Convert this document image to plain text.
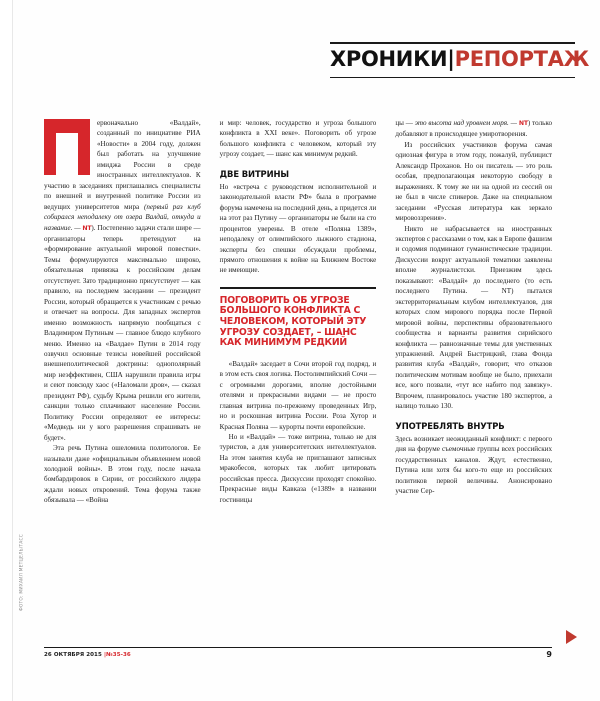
ХРОНИКИ|РЕПОРТАЖ

ервоначально «Валдай», созданный по инициативе РИА «Новости» в 2004 году, должен был работать на улучшение имиджа России в среде иностранных интеллектуалов. К участию в заседаниях приглашались специалисты по внешней и внутренней политике России из ведущих университетов мира (первый раз клуб собирался неподалеку от озера Валдай, откуда и название. — NT). Постепенно задачи стали шире — организаторы теперь претендуют на «формирование актуальной мировой повестки». Темы формулируются максимально широко, обязательная привязка к российским делам отсутствует. Зато традиционно присутствует — как правило, на последнем заседании — президент России, который обращается к участникам с речью и отвечает на вопросы. Для западных экспертов именно возможность напрямую пообщаться с Владимиром Путиным — главное блюдо клубного меню. Именно на «Валдае» Путин в 2014 году озвучил основные тезисы новейшей российской внешнеполитической доктрины: однополярный мир неэффективен, США нарушили правила игры и сеют повсюду хаос («Наломали дров», — сказал президент РФ), судьбу Крыма решили его жители, санкции только сплачивают население России. Политику России определяют ее интересы: «Медведь ни у кого разрешения спрашивать не будет».

Эта речь Путина ошеломила политологов. Ее называли даже «официальным объявлением новой холодной войны». В этом году, после начала бомбардировок в Сирии, от российского лидера ждали новых откровений. Тема форума также обязывала — «Война

и мир: человек, государство и угроза большого конфликта в XXI веке». Поговорить об угрозе большого конфликта с человеком, который эту угрозу создает, — шанс как минимум редкий.

ДВЕ ВИТРИНЫ

Но «встреча с руководством исполнительной и законодательной власти РФ» была в программе форума намечена на последний день, а придется ли на этот раз Путину — организаторы не были на сто процентов уверены. В отеле «Поляна 1389», неподалеку от олимпийского лыжного стадиона, эксперты без спешки обсуждали проблемы, прямого отношения к войне на Ближнем Востоке не имеющие.

ПОГОВОРИТЬ ОБ УГРОЗЕ БОЛЬШОГО КОНФЛИКТА С ЧЕЛОВЕКОМ, КОТОРЫЙ ЭТУ УГРОЗУ СОЗДАЕТ, – ШАНС КАК МИНИМУМ РЕДКИЙ

«Валдай» заседает в Сочи второй год подряд, и в этом есть своя логика. Постолимпийский Сочи — с огромными дорогами, вполне достойными отелями и прекрасными видами — не просто главная витрина по-прежнему проведенных Игр, но и роскошная витрина России. Роза Хутор и Красная Поляна — курорты почти европейские.

Но и «Валдай» — тоже витрина, только не для туристов, а для университетских интеллектуалов. На этом занятия клуба не приглашают записных мракобесов, которых так любит цитировать российская пресса. Дискуссии проходят спокойно. Прекрасные виды Кавказа («1389» в названии гостиницы

цы — это высота над уровнем моря. — NT) только добавляют в происходящее умиротворения.

Из российских участников форума самая одиозная фигура в этом году, пожалуй, публицист Александр Проханов. Но он писатель — это роль особая, предполагающая некоторую свободу в выражениях. К тому же ни на одной из сессий он не был в числе спикеров. Даже на специальном заседании «Русская литература как зеркало мировоззрения».

Никто не набрасывается на иностранных экспертов с рассказами о том, как в Европе фашизм и содомия подминают гуманистические традиции. Дискуссии вокруг актуальной тематики заявлены вполне журналистски. Приезжим здесь показывают: «Валдай» до последнего (то есть последнего Путина. — NT) пытался экстерриториальным клубом интеллектуалов, для которых слом мирового порядка после Первой мировой войны, перспективы образовательного сообщества и варианты развития сирийского конфликта — равнозначные темы для умственных упражнений. Андрей Быстрицкий, глава Фонда развития клуба «Валдай», говорит, что отказов политическим мотивам вообще не было, приехали все, кого позвали, «тут все набито под завязку». Впрочем, планировалось участие 180 экспертов, а налицо только 130.

УПОТРЕБЛЯТЬ ВНУТРЬ

Здесь возникает неожиданный конфликт: с первого дня на форуме съемочные группы всех российских государственных каналов. Ждут, естественно, Путина или хотя бы кого-то еще из российских политиков первой величины. Анонсировано участие Сер-

26 ОКТЯБРЯ 2015 |№35-36	9
ФОТО: МИХАИЛ МЕТЦЕЛЬ/ТАСС
